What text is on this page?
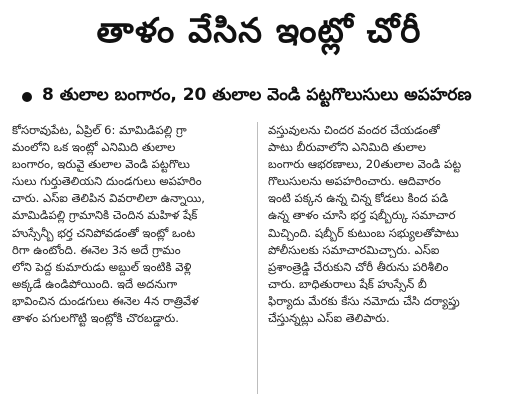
తాళం వేసిన ఇంట్లో చోరీ
8 తులాల బంగారం, 20 తులాల వెండి పట్టగొలుసులు అపహరణ
కోసరావుపేట, ఏప్రిల్ 6: మామిడిపల్లి గ్రా
మంలోని ఒక ఇంట్లో ఎనిమిది తులాల
బంగారం, ఇరువై తులాల వెండి పట్టగొలు
సులు గుర్తుతెలియని దుండగులు అపహరిం
చారు. ఎస్ఐ తెలిపిన వివరాలిలా ఉన్నాయి,
మామిడిపల్లి గ్రామానికి చెందిన మహిళ షేక్
హుస్సేన్బీ భర్త చనిపోవడంతో ఇంట్లో ఒంట
రిగా ఉంటోంది. ఈనెల 3న అదే గ్రామం
లోని పెద్ద కుమారుడు అబ్దుల్ ఇంటికి వెళ్లి
అక్కడే ఉండిపోయింది. ఇదే అదనుగా
భావించిన దుండగులు ఈనెల 4న రాత్రివేళ
తాళం పగులగొట్టి ఇంట్లోకి చొరబడ్డారు.
వస్తువులను చిందర వందర చేయడంతో
పాటు బీరువాలోని ఎనిమిది తులాల
బంగారు ఆభరణాలు, 20తులాల వెండి పట్ట
గొలుసులను అపహరించారు. ఆదివారం
ఇంటి పక్కన ఉన్న చిన్న కోడలు కింద పడి
ఉన్న తాళం చూసి భర్త షబ్బీర్కు సమాచార
మిచ్చింది. షబ్బీర్ కుటుంబ సభ్యులతోపాటు
పోలీసులకు సమాచారమిచ్చారు. ఎస్ఐ
ప్రశాంత్రెడ్డి చేరుకుని చోరీ తీరును పరిశీలిం
చారు. బాధితురాలు షేక్ హుస్సేన్ బీ
ఫిర్యాదు మేరకు కేసు నమోదు చేసి దర్యాప్తు
చేస్తున్నట్లు ఎస్ఐ తెలిపారు.
